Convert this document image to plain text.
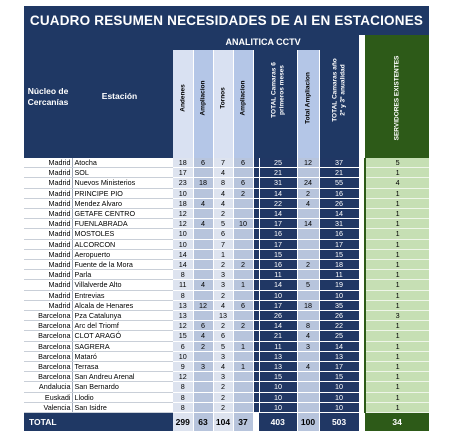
CUADRO RESUMEN NECESIDADES DE AI EN ESTACIONES
Núcleo de Cercanías	Estación	ANALITICA CCTV										SERVIDORES EXISTENTES

			Andenes	Ampliacion	Tornos	Ampliacion		TOTAL Camaras 6
primeros meses	Total Ampliacion	TOTAL Camaras año
2º y 3º anualidad		

Madrid	Atocha		18	6	7	6		25	12	37		5
Madrid	SOL		17		4			21		21		1
Madrid	Nuevos Ministerios		23	18	8	6		31	24	55		4
Madrid	PRINCIPE PIO		10		4	2		14	2	16		1
Madrid	Mendez Alvaro		18	4	4			22	4	26		1
Madrid	GETAFE CENTRO		12		2			14		14		1
Madrid	FUENLABRADA		12	4	5	10		17	14	31		1
Madrid	MOSTOLES		10		6			16		16		1
Madrid	ALCORCON		10		7			17		17		1
Madrid	Aeropuerto		14		1			15		15		1
Madrid	Fuente de la Mora		14		2	2		16	2	18		1
Madrid	Parla		8		3			11		11		1
Madrid	Villalverde Alto		11	4	3	1		14	5	19		1
Madrid	Entrevias		8		2			10		10		1
Madrid	Alcala de Henares		13	12	4	6		17	18	35		1
Barcelona	Pza Catalunya		13		13			26		26		3
Barcelona	Arc del Triomf		12	6	2	2		14	8	22		1
Barcelona	CLOT ARAGÓ		15	4	6			21	4	25		1
Barcelona	SAGRERA		6	2	5	1		11	3	14		1
Barcelona	Mataró		10		3			13		13		1
Barcelona	Terrasa		9	3	4	1		13	4	17		1
Barcelona	San Andreu Arenal		12		3			15		15		1
Andalucia	San Bernardo		8		2			10		10		1
Euskadi	Llodio		8		2			10		10		1
Valencia	San Isidre		8		2			10		10		1
TOTAL			299	63	104	37		403	100	503		34
